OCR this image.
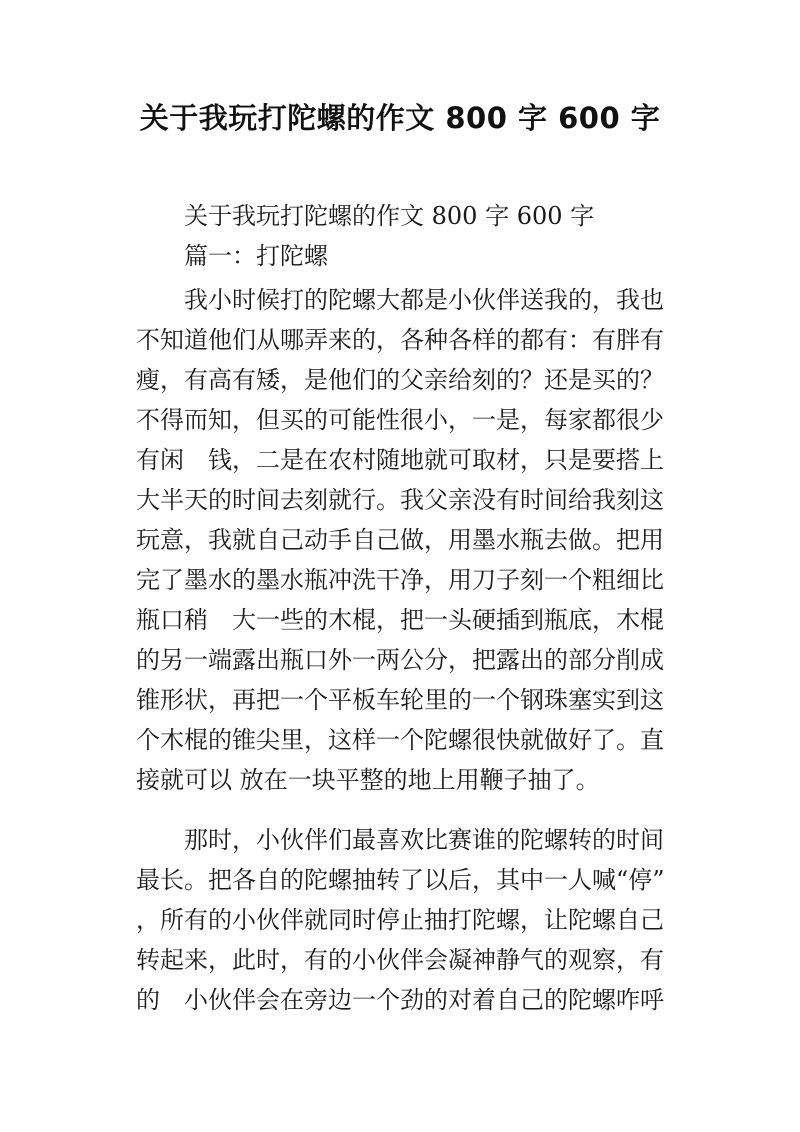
关于我玩打陀螺的作文 800 字 600 字
关于我玩打陀螺的作文 800 字 600 字
篇一：打陀螺
我小时候打的陀螺大都是小伙伴送我的，我也
不知道他们从哪弄来的，各种各样的都有：有胖有
瘦，有高有矮，是他们的父亲给刻的？还是买的？
不得而知，但买的可能性很小，一是，每家都很少
有闲　钱，二是在农村随地就可取材，只是要搭上
大半天的时间去刻就行。我父亲没有时间给我刻这
玩意，我就自己动手自己做，用墨水瓶去做。把用
完了墨水的墨水瓶冲洗干净，用刀子刻一个粗细比
瓶口稍　大一些的木棍，把一头硬插到瓶底，木棍
的另一端露出瓶口外一两公分，把露出的部分削成
锥形状，再把一个平板车轮里的一个钢珠塞实到这
个木棍的锥尖里，这样一个陀螺很快就做好了。直
接就可以 放在一块平整的地上用鞭子抽了。
那时，小伙伴们最喜欢比赛谁的陀螺转的时间
最长。把各自的陀螺抽转了以后，其中一人喊“停”
，所有的小伙伴就同时停止抽打陀螺，让陀螺自己
转起来，此时，有的小伙伴会凝神静气的观察，有
的　小伙伴会在旁边一个劲的对着自己的陀螺咋呼
